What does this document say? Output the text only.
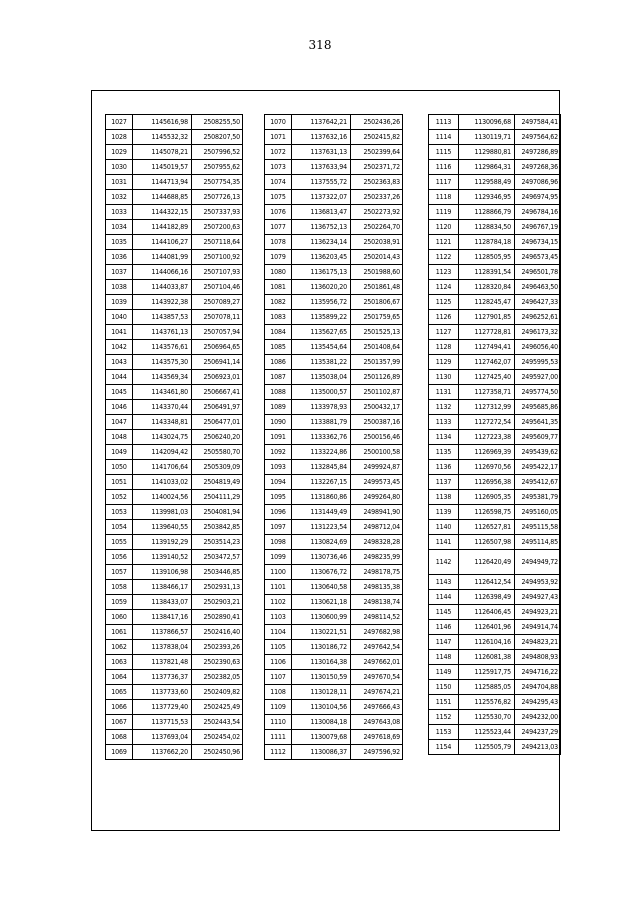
318
1027	1145616,98	2508255,50
1028	1145532,32	2508207,50
1029	1145078,21	2507996,52
1030	1145019,57	2507955,62
1031	1144713,94	2507754,35
1032	1144688,85	2507726,13
1033	1144322,15	2507337,93
1034	1144182,89	2507200,63
1035	1144106,27	2507118,64
1036	1144081,99	2507100,92
1037	1144066,16	2507107,93
1038	1144033,87	2507104,46
1039	1143922,38	2507089,27
1040	1143857,53	2507078,11
1041	1143761,13	2507057,94
1042	1143576,61	2506964,65
1043	1143575,30	2506941,14
1044	1143569,34	2506923,01
1045	1143461,80	2506667,41
1046	1143370,44	2506491,97
1047	1143348,81	2506477,01
1048	1143024,75	2506240,20
1049	1142094,42	2505580,70
1050	1141706,64	2505309,09
1051	1141033,02	2504819,49
1052	1140024,56	2504111,29
1053	1139981,03	2504081,94
1054	1139640,55	2503842,85
1055	1139192,29	2503514,23
1056	1139140,52	2503472,57
1057	1139106,98	2503446,85
1058	1138466,17	2502931,13
1059	1138433,07	2502903,21
1060	1138417,16	2502890,41
1061	1137866,57	2502416,40
1062	1137838,04	2502393,26
1063	1137821,48	2502390,63
1064	1137736,37	2502382,05
1065	1137733,60	2502409,82
1066	1137729,40	2502425,49
1067	1137715,53	2502443,54
1068	1137693,04	2502454,02
1069	1137662,20	2502450,96
1070	1137642,21	2502436,26
1071	1137632,16	2502415,82
1072	1137631,13	2502399,64
1073	1137633,94	2502371,72
1074	1137555,72	2502363,83
1075	1137322,07	2502337,26
1076	1136813,47	2502273,92
1077	1136752,13	2502264,70
1078	1136234,14	2502038,91
1079	1136203,45	2502014,43
1080	1136175,13	2501988,60
1081	1136020,20	2501861,48
1082	1135956,72	2501806,67
1083	1135899,22	2501759,65
1084	1135627,65	2501525,13
1085	1135454,64	2501408,64
1086	1135381,22	2501357,99
1087	1135038,04	2501126,89
1088	1135000,57	2501102,87
1089	1133978,93	2500432,17
1090	1133881,79	2500387,16
1091	1133362,76	2500156,46
1092	1133224,86	2500100,58
1093	1132845,84	2499924,87
1094	1132267,15	2499573,45
1095	1131860,86	2499264,80
1096	1131449,49	2498941,90
1097	1131223,54	2498712,04
1098	1130824,69	2498328,28
1099	1130736,46	2498235,99
1100	1130676,72	2498178,75
1101	1130640,58	2498135,38
1102	1130621,18	2498138,74
1103	1130600,99	2498114,52
1104	1130221,51	2497682,98
1105	1130186,72	2497642,54
1106	1130164,38	2497662,01
1107	1130150,59	2497670,54
1108	1130128,11	2497674,21
1109	1130104,56	2497666,43
1110	1130084,18	2497643,08
1111	1130079,68	2497618,69
1112	1130086,37	2497596,92
1113	1130096,68	2497584,41
1114	1130119,71	2497564,62
1115	1129880,81	2497286,89
1116	1129864,31	2497268,36
1117	1129588,49	2497086,96
1118	1129346,95	2496974,95
1119	1128866,79	2496784,16
1120	1128834,50	2496767,19
1121	1128784,18	2496734,15
1122	1128505,95	2496573,45
1123	1128391,54	2496501,78
1124	1128320,84	2496463,50
1125	1128245,47	2496427,33
1126	1127901,85	2496252,61
1127	1127728,81	2496173,32
1128	1127494,41	2496056,40
1129	1127462,07	2495995,53
1130	1127425,40	2495927,00
1131	1127358,71	2495774,50
1132	1127312,99	2495685,86
1133	1127272,54	2495641,35
1134	1127223,38	2495609,77
1135	1126969,39	2495439,62
1136	1126970,56	2495422,17
1137	1126956,38	2495412,67
1138	1126905,35	2495381,79
1139	1126598,75	2495160,05
1140	1126527,81	2495115,58
1141	1126507,98	2495114,85
1142	1126420,49	2494949,72
1143	1126412,54	2494953,92
1144	1126398,49	2494927,43
1145	1126406,45	2494923,21
1146	1126401,96	2494914,74
1147	1126104,16	2494823,21
1148	1126081,38	2494808,93
1149	1125917,75	2494716,22
1150	1125885,05	2494704,88
1151	1125576,82	2494295,43
1152	1125530,70	2494232,00
1153	1125523,44	2494237,29
1154	1125505,79	2494213,03
